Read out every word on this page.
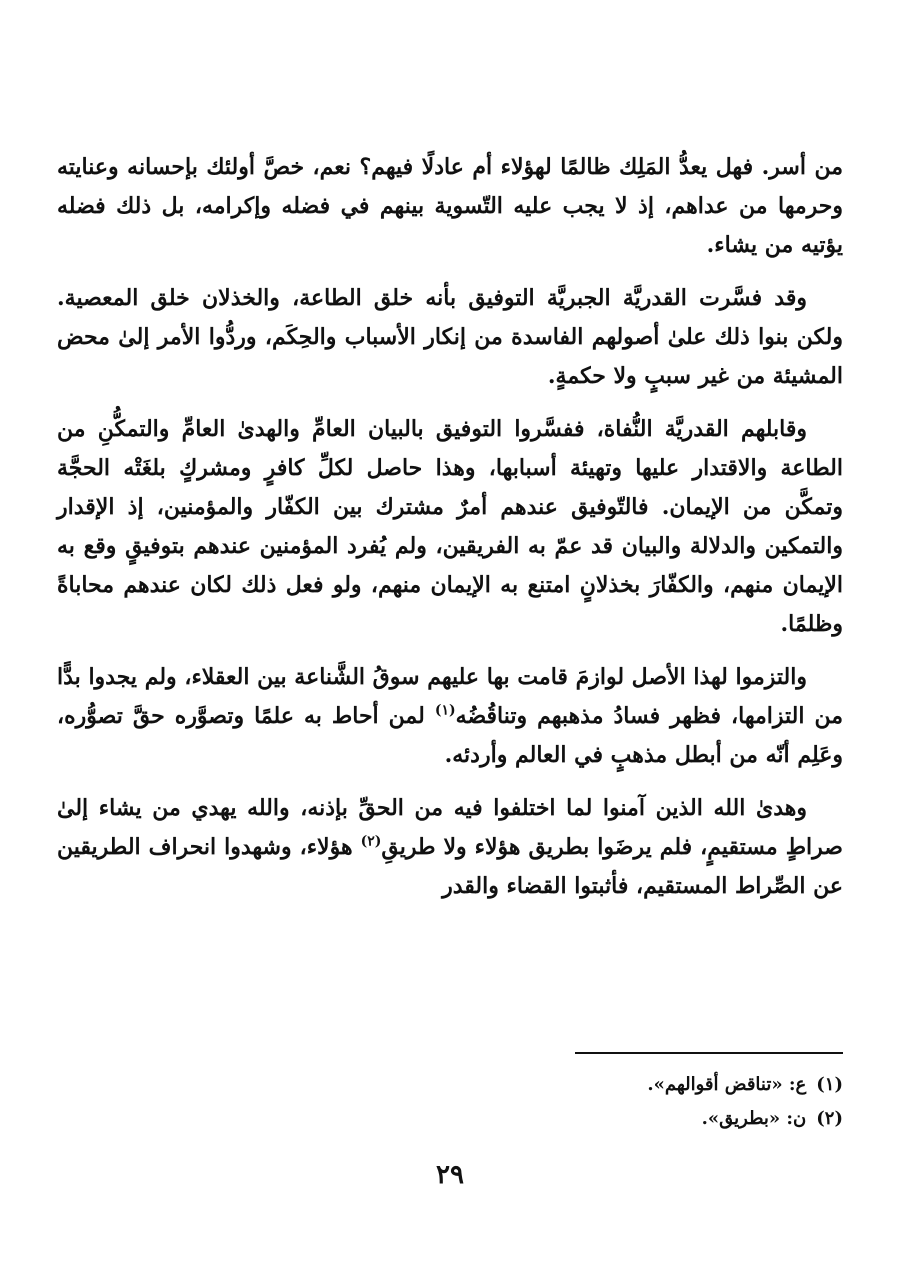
من أسر. فهل يعدُّ المَلِك ظالمًا لهؤلاء أم عادلًا فيهم؟ نعم، خصَّ أولئك بإحسانه وعنايته وحرمها من عداهم، إذ لا يجب عليه التّسوية بينهم في فضله وإكرامه، بل ذلك فضله يؤتيه من يشاء.

وقد فسَّرت القدريَّة الجبريَّة التوفيق بأنه خلق الطاعة، والخذلان خلق المعصية. ولكن بنوا ذلك علىٰ أصولهم الفاسدة من إنكار الأسباب والحِكَم، وردُّوا الأمر إلىٰ محض المشيئة من غير سببٍ ولا حكمةٍ.

وقابلهم القدريَّة النُّفاة، ففسَّروا التوفيق بالبيان العامِّ والهدىٰ العامِّ والتمكُّنِ من الطاعة والاقتدار عليها وتهيئة أسبابها، وهذا حاصل لكلِّ كافرٍ ومشركٍ بلغَتْه الحجَّة وتمكَّن من الإيمان. فالتّوفيق عندهم أمرٌ مشترك بين الكفّار والمؤمنين، إذ الإقدار والتمكين والدلالة والبيان قد عمّ به الفريقين، ولم يُفرد المؤمنين عندهم بتوفيقٍ وقع به الإيمان منهم، والكفّارَ بخذلانٍ امتنع به الإيمان منهم، ولو فعل ذلك لكان عندهم محاباةً وظلمًا.

والتزموا لهذا الأصل لوازمَ قامت بها عليهم سوقُ الشَّناعة بين العقلاء، ولم يجدوا بدًّا من التزامها، فظهر فسادُ مذهبهم وتناقُضُه$^{(١)}$ لمن أحاط به علمًا وتصوَّره حقَّ تصوُّره، وعَلِم أنّه من أبطل مذهبٍ في العالم وأردئه.

وهدىٰ الله الذين آمنوا لما اختلفوا فيه من الحقِّ بإذنه، والله يهدي من يشاء إلىٰ صراطٍ مستقيمٍ، فلم يرضَوا بطريق هؤلاء ولا طريقِ$^{(٢)}$ هؤلاء، وشهدوا انحراف الطريقين عن الصِّراط المستقيم، فأثبتوا القضاء والقدر

(١)ع: «تناقض أقوالهم».

(٢)ن: «بطريق».

٢٩
